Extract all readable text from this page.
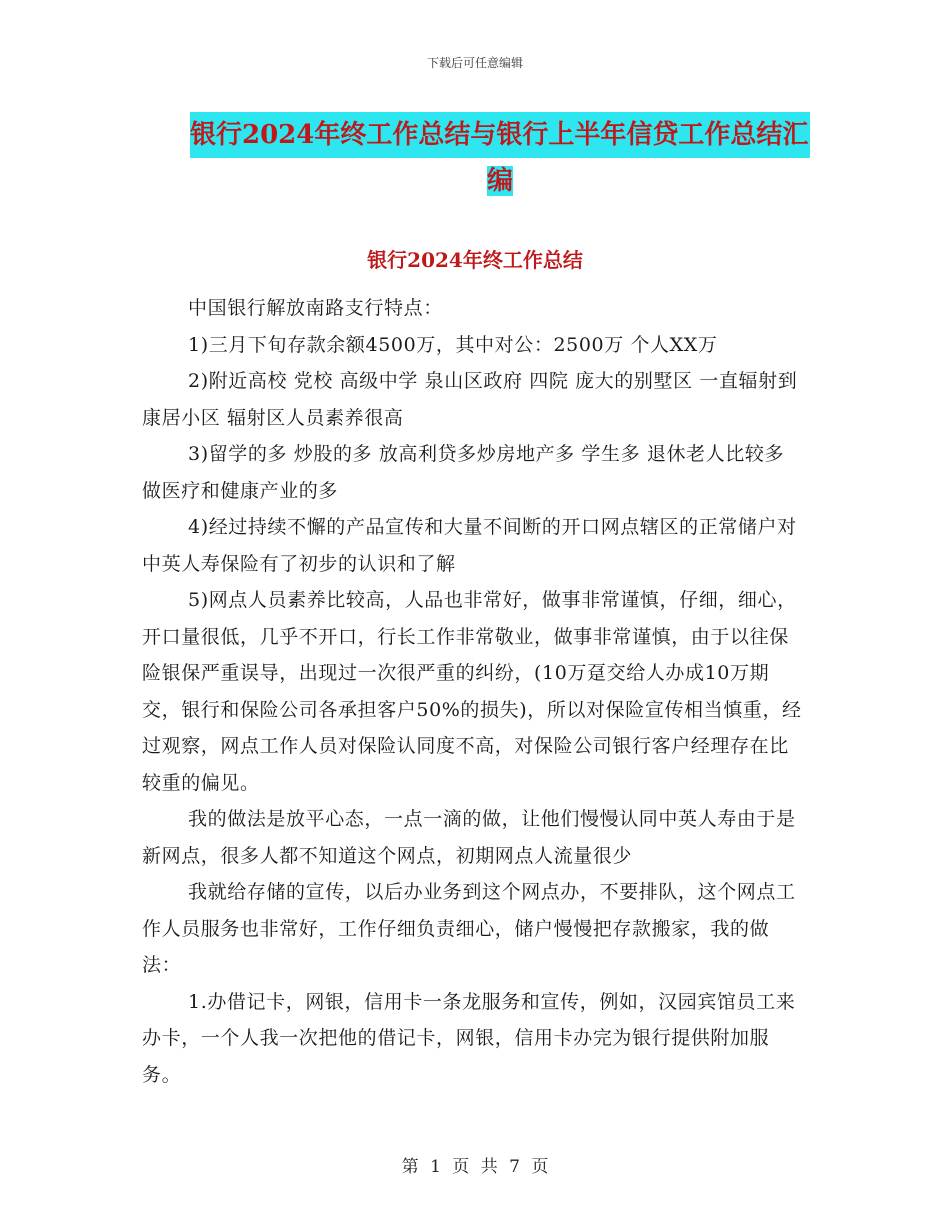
下载后可任意编辑
银行2024年终工作总结与银行上半年信贷工作总结汇
编
银行2024年终工作总结

中国银行解放南路支行特点：

1)三月下旬存款余额4500万，其中对公：2500万 个人XX万

2)附近高校 党校 高级中学 泉山区政府 四院 庞大的别墅区 一直辐射到康居小区 辐射区人员素养很高

3)留学的多 炒股的多 放高利贷多炒房地产多 学生多 退休老人比较多 做医疗和健康产业的多

4)经过持续不懈的产品宣传和大量不间断的开口网点辖区的正常储户对中英人寿保险有了初步的认识和了解

5)网点人员素养比较高，人品也非常好，做事非常谨慎，仔细，细心，开口量很低，几乎不开口，行长工作非常敬业，做事非常谨慎，由于以往保险银保严重误导，出现过一次很严重的纠纷，(10万趸交给人办成10万期交，银行和保险公司各承担客户50%的损失)，所以对保险宣传相当慎重，经过观察，网点工作人员对保险认同度不高，对保险公司银行客户经理存在比较重的偏见。

我的做法是放平心态，一点一滴的做，让他们慢慢认同中英人寿由于是新网点，很多人都不知道这个网点，初期网点人流量很少

我就给存储的宣传，以后办业务到这个网点办，不要排队，这个网点工作人员服务也非常好，工作仔细负责细心，储户慢慢把存款搬家，我的做法：

1.办借记卡，网银，信用卡一条龙服务和宣传，例如，汉园宾馆员工来办卡，一个人我一次把他的借记卡，网银，信用卡办完为银行提供附加服务。

第 1 页 共 7 页
